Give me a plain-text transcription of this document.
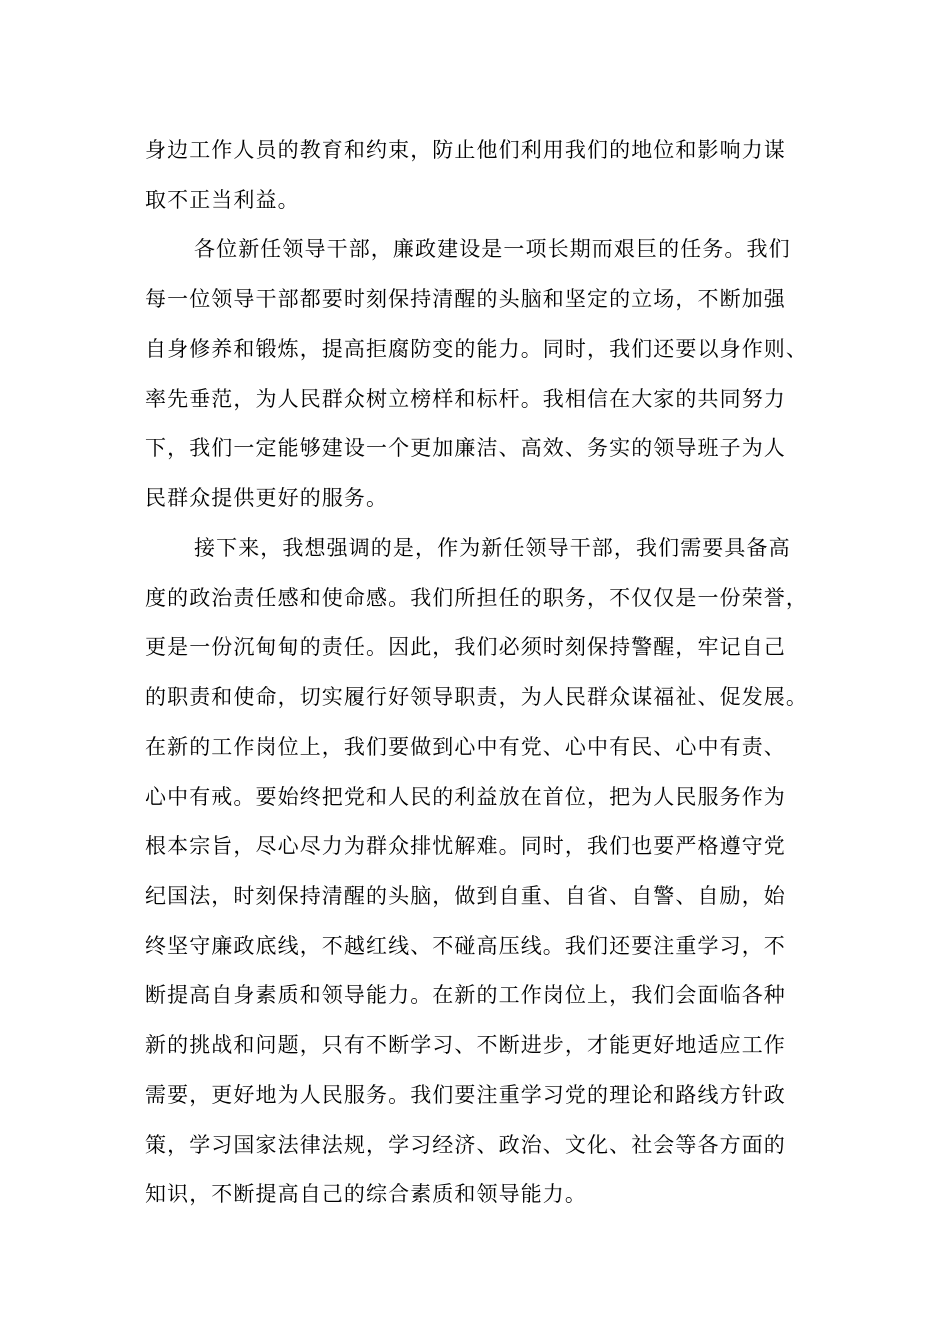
身边工作人员的教育和约束，防止他们利用我们的地位和影响力谋
取不正当利益。
各位新任领导干部，廉政建设是一项长期而艰巨的任务。我们
每一位领导干部都要时刻保持清醒的头脑和坚定的立场，不断加强
自身修养和锻炼，提高拒腐防变的能力。同时，我们还要以身作则、
率先垂范，为人民群众树立榜样和标杆。我相信在大家的共同努力
下，我们一定能够建设一个更加廉洁、高效、务实的领导班子为人
民群众提供更好的服务。
接下来，我想强调的是，作为新任领导干部，我们需要具备高
度的政治责任感和使命感。我们所担任的职务，不仅仅是一份荣誉，
更是一份沉甸甸的责任。因此，我们必须时刻保持警醒，牢记自己
的职责和使命，切实履行好领导职责，为人民群众谋福祉、促发展。
在新的工作岗位上，我们要做到心中有党、心中有民、心中有责、
心中有戒。要始终把党和人民的利益放在首位，把为人民服务作为
根本宗旨，尽心尽力为群众排忧解难。同时，我们也要严格遵守党
纪国法，时刻保持清醒的头脑，做到自重、自省、自警、自励，始
终坚守廉政底线，不越红线、不碰高压线。我们还要注重学习，不
断提高自身素质和领导能力。在新的工作岗位上，我们会面临各种
新的挑战和问题，只有不断学习、不断进步，才能更好地适应工作
需要，更好地为人民服务。我们要注重学习党的理论和路线方针政
策，学习国家法律法规，学习经济、政治、文化、社会等各方面的
知识，不断提高自己的综合素质和领导能力。
